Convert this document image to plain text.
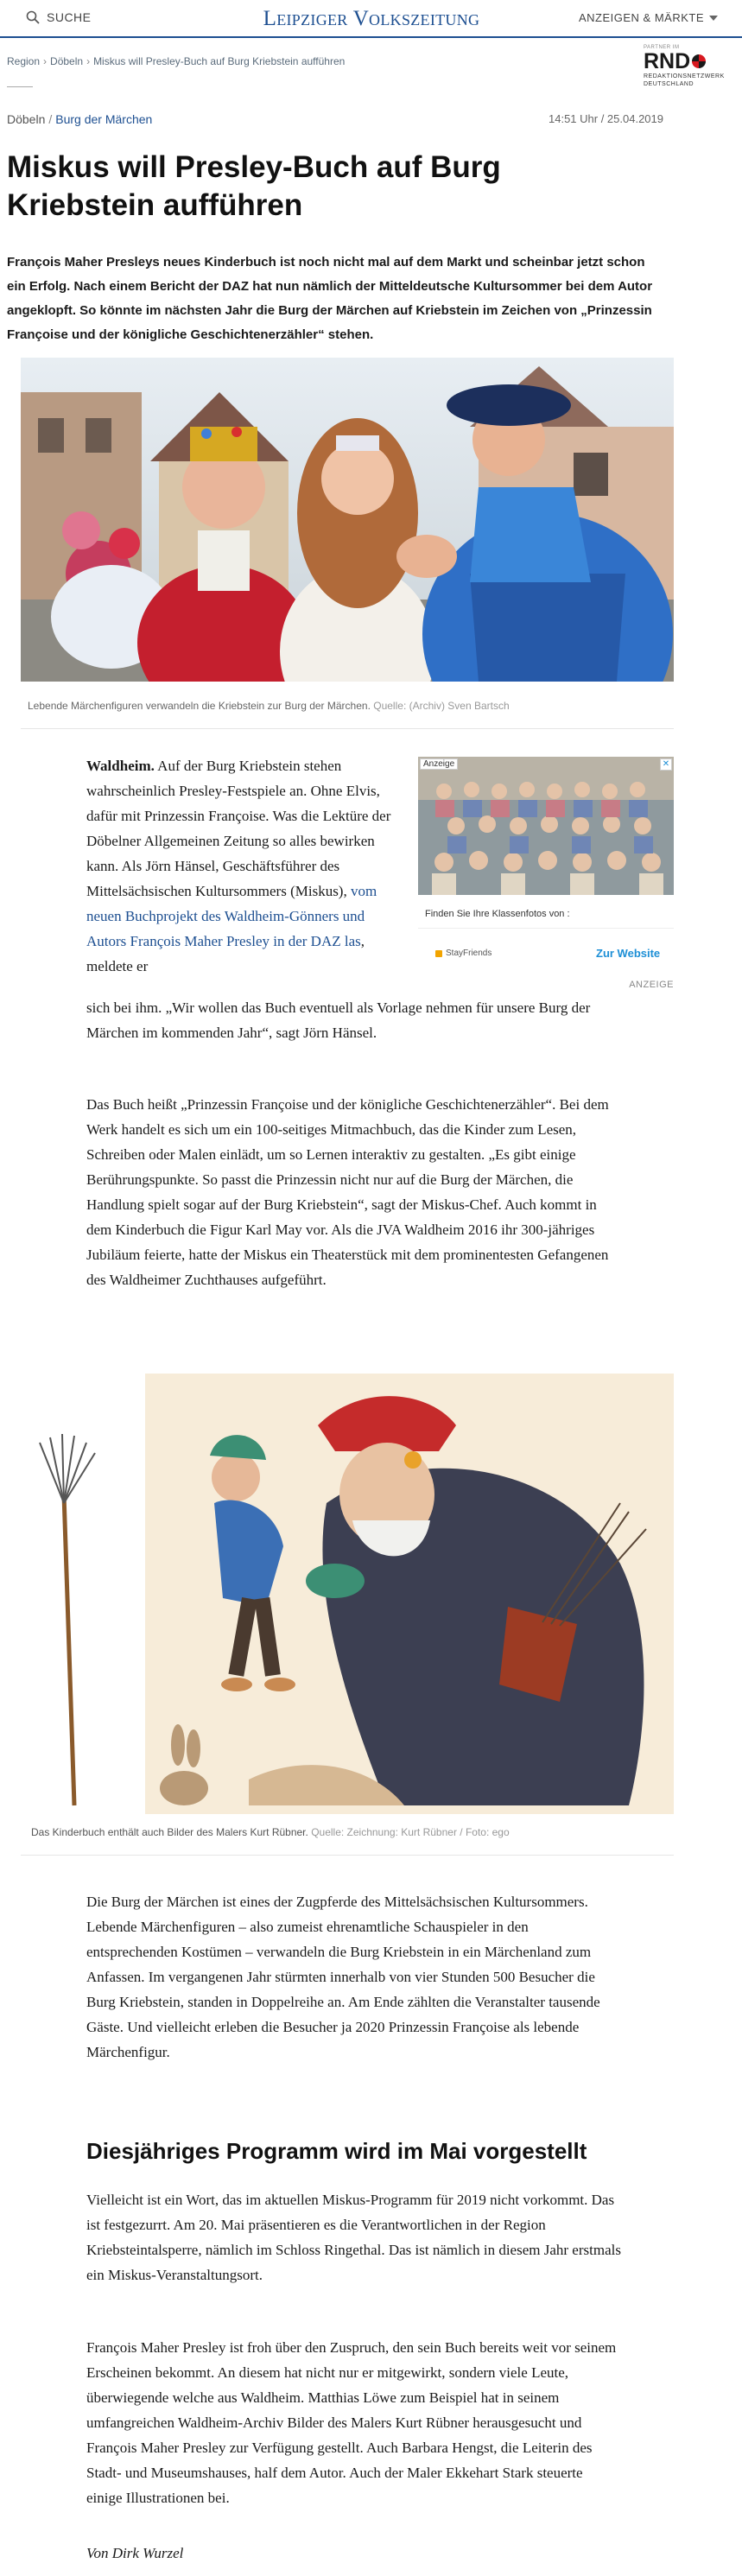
SUCHE	Leipziger Volkszeitung	ANZEIGEN & MÄRKTE
Region › Döbeln › Miskus will Presley-Buch auf Burg Kriebstein aufführen
PARTNER IM
RND
REDAKTIONSNETZWERK
DEUTSCHLAND
Döbeln / Burg der Märchen	14:51 Uhr / 25.04.2019
Miskus will Presley-Buch auf Burg Kriebstein aufführen

François Maher Presleys neues Kinderbuch ist noch nicht mal auf dem Markt und scheinbar jetzt schon ein Erfolg. Nach einem Bericht der DAZ hat nun nämlich der Mitteldeutsche Kultursommer bei dem Autor angeklopft. So könnte im nächsten Jahr die Burg der Märchen auf Kriebstein im Zeichen von „Prinzessin Françoise und der königliche Geschichtenerzähler“ stehen.

Lebende Märchenfiguren verwandeln die Kriebstein zur Burg der Märchen. Quelle: (Archiv) Sven Bartsch

Waldheim. Auf der Burg Kriebstein stehen wahrscheinlich Presley-Festspiele an. Ohne Elvis, dafür mit Prinzessin Françoise. Was die Lektüre der Döbelner Allgemeinen Zeitung so alles bewirken kann. Als Jörn Hänsel, Geschäftsführer des Mittelsächsischen Kultursommers (Miskus), vom neuen Buchprojekt des Waldheim-Gönners und Autors François Maher Presley in der DAZ las, meldete er

Anzeige	✕
Finden Sie Ihre Klassenfotos von :
StayFriends	Zur Website
ANZEIGE

sich bei ihm. „Wir wollen das Buch eventuell als Vorlage nehmen für unsere Burg der Märchen im kommenden Jahr“, sagt Jörn Hänsel.

Das Buch heißt „Prinzessin Françoise und der königliche Geschichtenerzähler“. Bei dem Werk handelt es sich um ein 100-seitiges Mitmachbuch, das die Kinder zum Lesen, Schreiben oder Malen einlädt, um so Lernen interaktiv zu gestalten. „Es gibt einige Berührungspunkte. So passt die Prinzessin nicht nur auf die Burg der Märchen, die Handlung spielt sogar auf der Burg Kriebstein“, sagt der Miskus-Chef. Auch kommt in dem Kinderbuch die Figur Karl May vor. Als die JVA Waldheim 2016 ihr 300-jähriges Jubiläum feierte, hatte der Miskus ein Theaterstück mit dem prominentesten Gefangenen des Waldheimer Zuchthauses aufgeführt.

Das Kinderbuch enthält auch Bilder des Malers Kurt Rübner. Quelle: Zeichnung: Kurt Rübner / Foto: ego

Die Burg der Märchen ist eines der Zugpferde des Mittelsächsischen Kultursommers. Lebende Märchenfiguren – also zumeist ehrenamtliche Schauspieler in den entsprechenden Kostümen – verwandeln die Burg Kriebstein in ein Märchenland zum Anfassen. Im vergangenen Jahr stürmten innerhalb von vier Stunden 500 Besucher die Burg Kriebstein, standen in Doppelreihe an. Am Ende zählten die Veranstalter tausende Gäste. Und vielleicht erleben die Besucher ja 2020 Prinzessin Françoise als lebende Märchenfigur.

Diesjähriges Programm wird im Mai vorgestellt

Vielleicht ist ein Wort, das im aktuellen Miskus-Programm für 2019 nicht vorkommt. Das ist festgezurrt. Am 20. Mai präsentieren es die Verantwortlichen in der Region Kriebsteintalsperre, nämlich im Schloss Ringethal. Das ist nämlich in diesem Jahr erstmals ein Miskus-Veranstaltungsort.

François Maher Presley ist froh über den Zuspruch, den sein Buch bereits weit vor seinem Erscheinen bekommt. An diesem hat nicht nur er mitgewirkt, sondern viele Leute, überwiegende welche aus Waldheim. Matthias Löwe zum Beispiel hat in seinem umfangreichen Waldheim-Archiv Bilder des Malers Kurt Rübner herausgesucht und François Maher Presley zur Verfügung gestellt. Auch Barbara Hengst, die Leiterin des Stadt- und Museumshauses, half dem Autor. Auch der Maler Ekkehart Stark steuerte einige Illustrationen bei.

Von Dirk Wurzel
